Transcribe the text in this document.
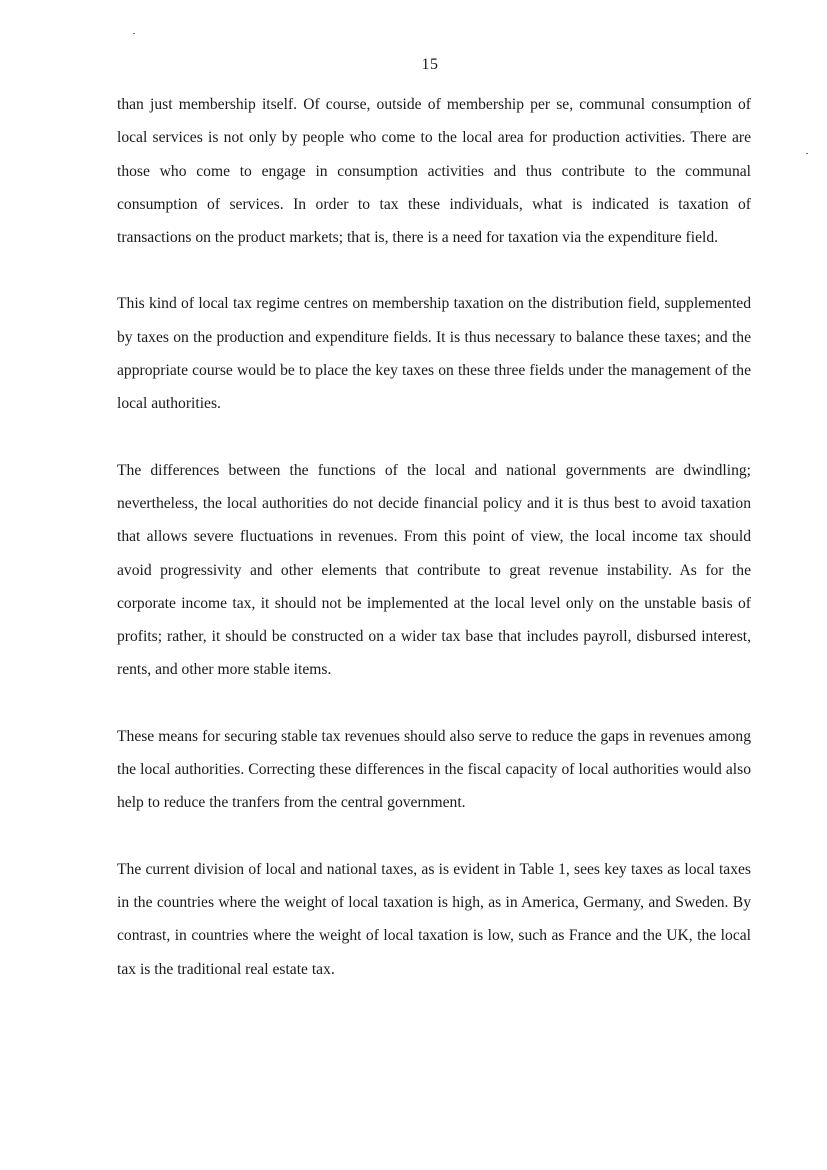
15

than just membership itself. Of course, outside of membership per se, communal consumption of local services is not only by people who come to the local area for production activities. There are those who come to engage in consumption activities and thus contribute to the communal consumption of services. In order to tax these individuals, what is indicated is taxation of transactions on the product markets; that is, there is a need for taxation via the expenditure field.

This kind of local tax regime centres on membership taxation on the distribution field, supplemented by taxes on the production and expenditure fields. It is thus necessary to balance these taxes; and the appropriate course would be to place the key taxes on these three fields under the management of the local authorities.

The differences between the functions of the local and national governments are dwindling; nevertheless, the local authorities do not decide financial policy and it is thus best to avoid taxation that allows severe fluctuations in revenues. From this point of view, the local income tax should avoid progressivity and other elements that contribute to great revenue instability. As for the corporate income tax, it should not be implemented at the local level only on the unstable basis of profits; rather, it should be constructed on a wider tax base that includes payroll, disbursed interest, rents, and other more stable items.

These means for securing stable tax revenues should also serve to reduce the gaps in revenues among the local authorities. Correcting these differences in the fiscal capacity of local authorities would also help to reduce the tranfers from the central government.

The current division of local and national taxes, as is evident in Table 1, sees key taxes as local taxes in the countries where the weight of local taxation is high, as in America, Germany, and Sweden. By contrast, in countries where the weight of local taxation is low, such as France and the UK, the local tax is the traditional real estate tax.
